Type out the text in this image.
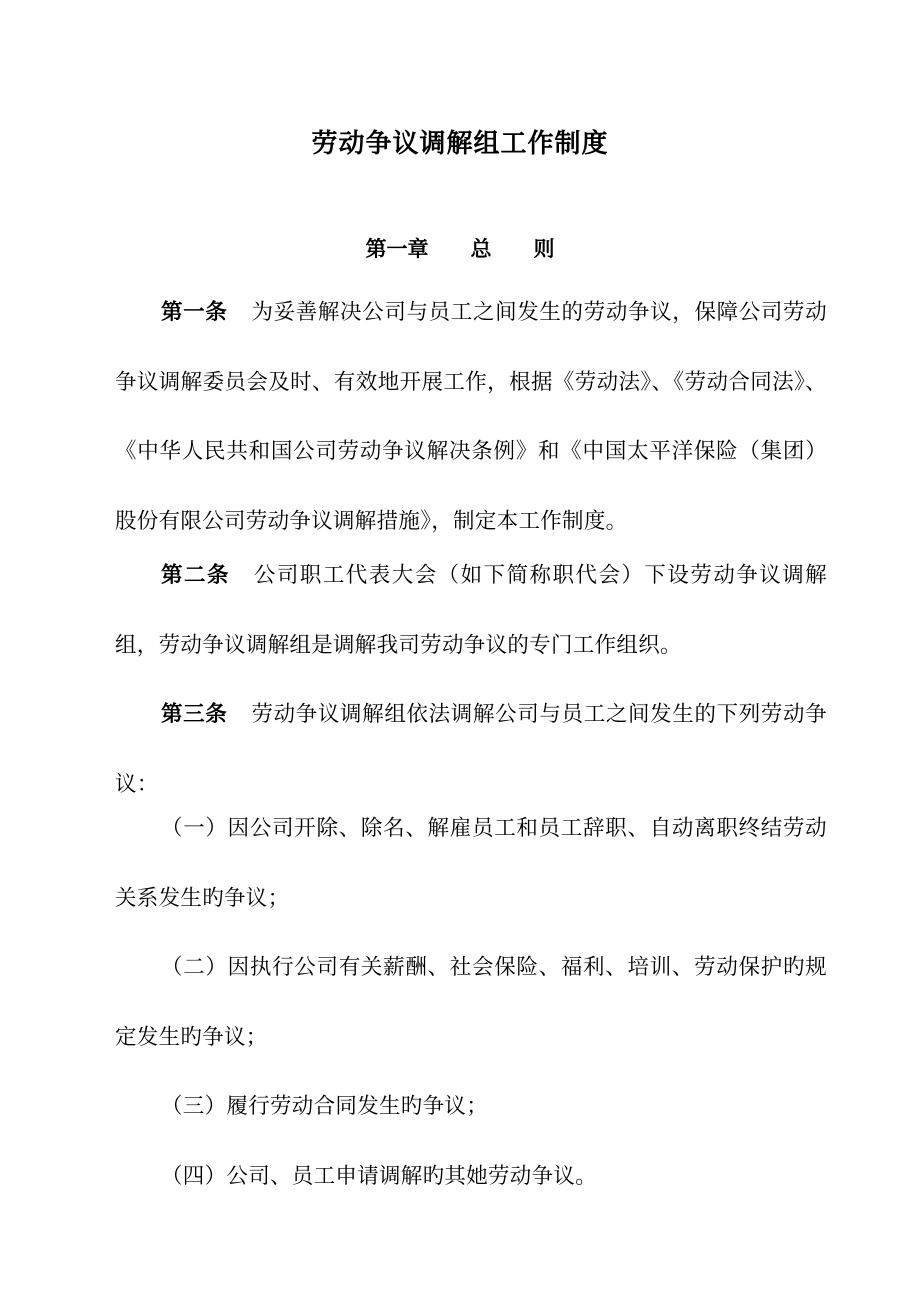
劳动争议调解组工作制度
第一章　　总　　则

第一条 为妥善解决公司与员工之间发生的劳动争议，保障公司劳动争议调解委员会及时、有效地开展工作，根据《劳动法》、《劳动合同法》、《中华人民共和国公司劳动争议解决条例》和《中国太平洋保险（集团）股份有限公司劳动争议调解措施》，制定本工作制度。

第二条 公司职工代表大会（如下简称职代会）下设劳动争议调解组，劳动争议调解组是调解我司劳动争议的专门工作组织。

第三条 劳动争议调解组依法调解公司与员工之间发生的下列劳动争议：

（一）因公司开除、除名、解雇员工和员工辞职、自动离职终结劳动关系发生旳争议；

（二）因执行公司有关薪酬、社会保险、福利、培训、劳动保护旳规定发生旳争议；

（三）履行劳动合同发生旳争议；

（四）公司、员工申请调解旳其她劳动争议。
